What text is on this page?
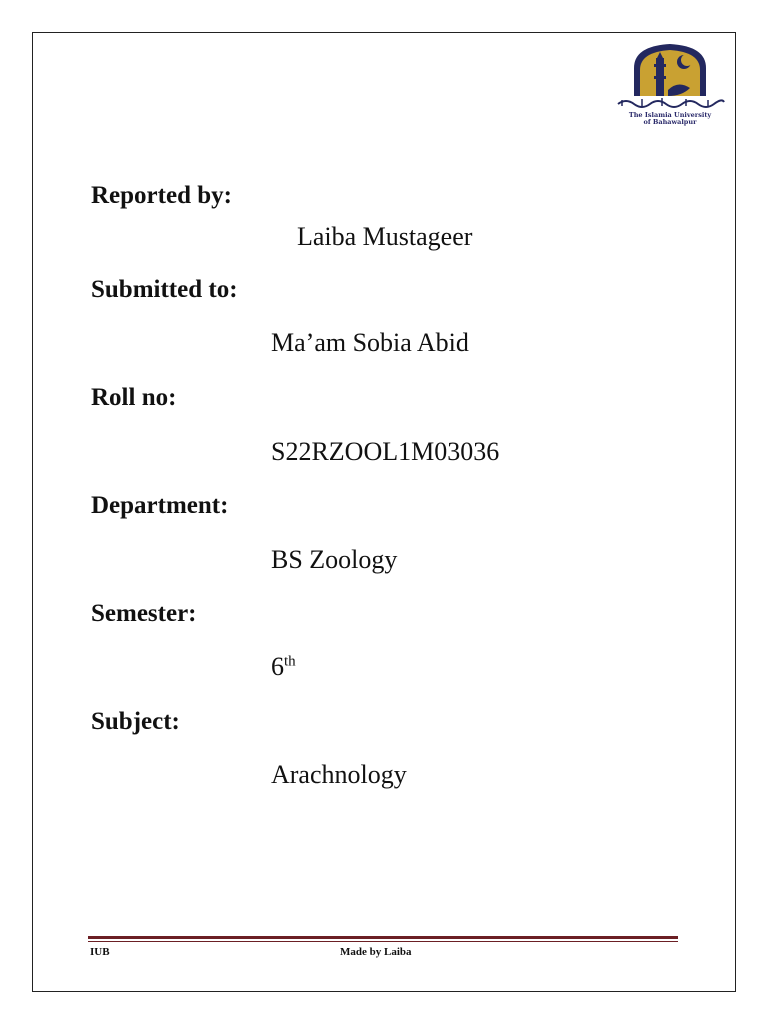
The Islamia University
of Bahawalpur
Reported by:
Laiba Mustageer
Submitted to:
Ma’am Sobia Abid
Roll no:
S22RZOOL1M03036
Department:
BS Zoology
Semester:
6th
Subject:
Arachnology
IUB	Made by Laiba
